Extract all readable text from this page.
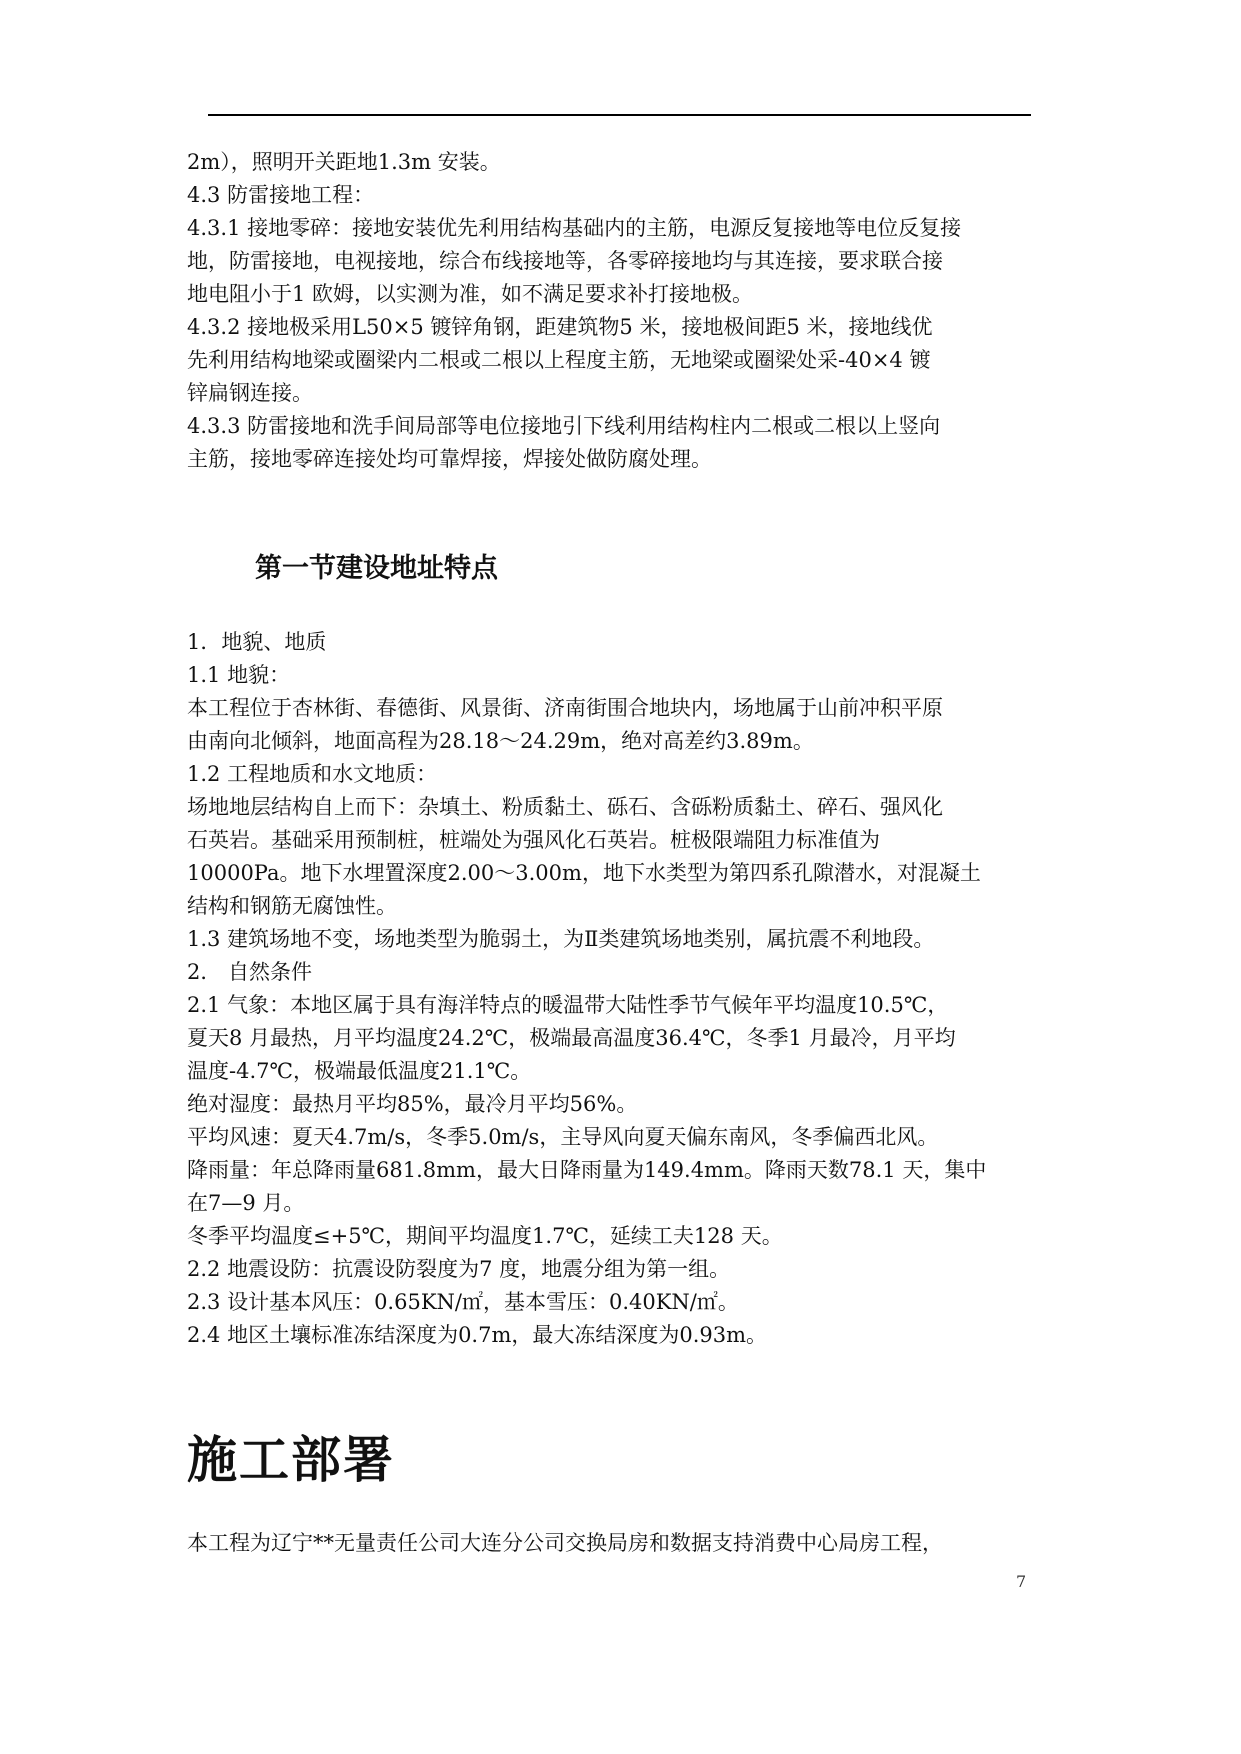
2m），照明开关距地1.3m 安装。
4.3 防雷接地工程：
4.3.1 接地零碎：接地安装优先利用结构基础内的主筋，电源反复接地等电位反复接
地，防雷接地，电视接地，综合布线接地等，各零碎接地均与其连接，要求联合接
地电阻小于1 欧姆，以实测为准，如不满足要求补打接地极。
4.3.2 接地极采用L50×5 镀锌角钢，距建筑物5 米，接地极间距5 米，接地线优
先利用结构地梁或圈梁内二根或二根以上程度主筋，无地梁或圈梁处采-40×4 镀
锌扁钢连接。
4.3.3 防雷接地和洗手间局部等电位接地引下线利用结构柱内二根或二根以上竖向
主筋，接地零碎连接处均可靠焊接，焊接处做防腐处理。
第一节建设地址特点
1．地貌、地质
1.1 地貌：
本工程位于杏林街、春德街、风景街、济南街围合地块内，场地属于山前冲积平原
由南向北倾斜，地面高程为28.18～24.29m，绝对高差约3.89m。
1.2 工程地质和水文地质：
场地地层结构自上而下：杂填土、粉质黏土、砾石、含砾粉质黏土、碎石、强风化
石英岩。基础采用预制桩，桩端处为强风化石英岩。桩极限端阻力标准值为
10000Pa。地下水埋置深度2.00～3.00m，地下水类型为第四系孔隙潜水，对混凝土
结构和钢筋无腐蚀性。
1.3 建筑场地不变，场地类型为脆弱土，为Ⅱ类建筑场地类别，属抗震不利地段。
2． 自然条件
2.1 气象：本地区属于具有海洋特点的暖温带大陆性季节气候年平均温度10.5℃，
夏天8 月最热，月平均温度24.2℃，极端最高温度36.4℃，冬季1 月最冷，月平均
温度-4.7℃，极端最低温度21.1℃。
绝对湿度：最热月平均85%，最冷月平均56%。
平均风速：夏天4.7m/s，冬季5.0m/s，主导风向夏天偏东南风，冬季偏西北风。
降雨量：年总降雨量681.8mm，最大日降雨量为149.4mm。降雨天数78.1 天，集中
在7—9 月。
冬季平均温度≤+5℃，期间平均温度1.7℃，延续工夫128 天。
2.2 地震设防：抗震设防裂度为7 度，地震分组为第一组。
2.3 设计基本风压：0.65KN/㎡，基本雪压：0.40KN/㎡。
2.4 地区土壤标准冻结深度为0.7m，最大冻结深度为0.93m。
施工部署
本工程为辽宁**无量责任公司大连分公司交换局房和数据支持消费中心局房工程，
7
